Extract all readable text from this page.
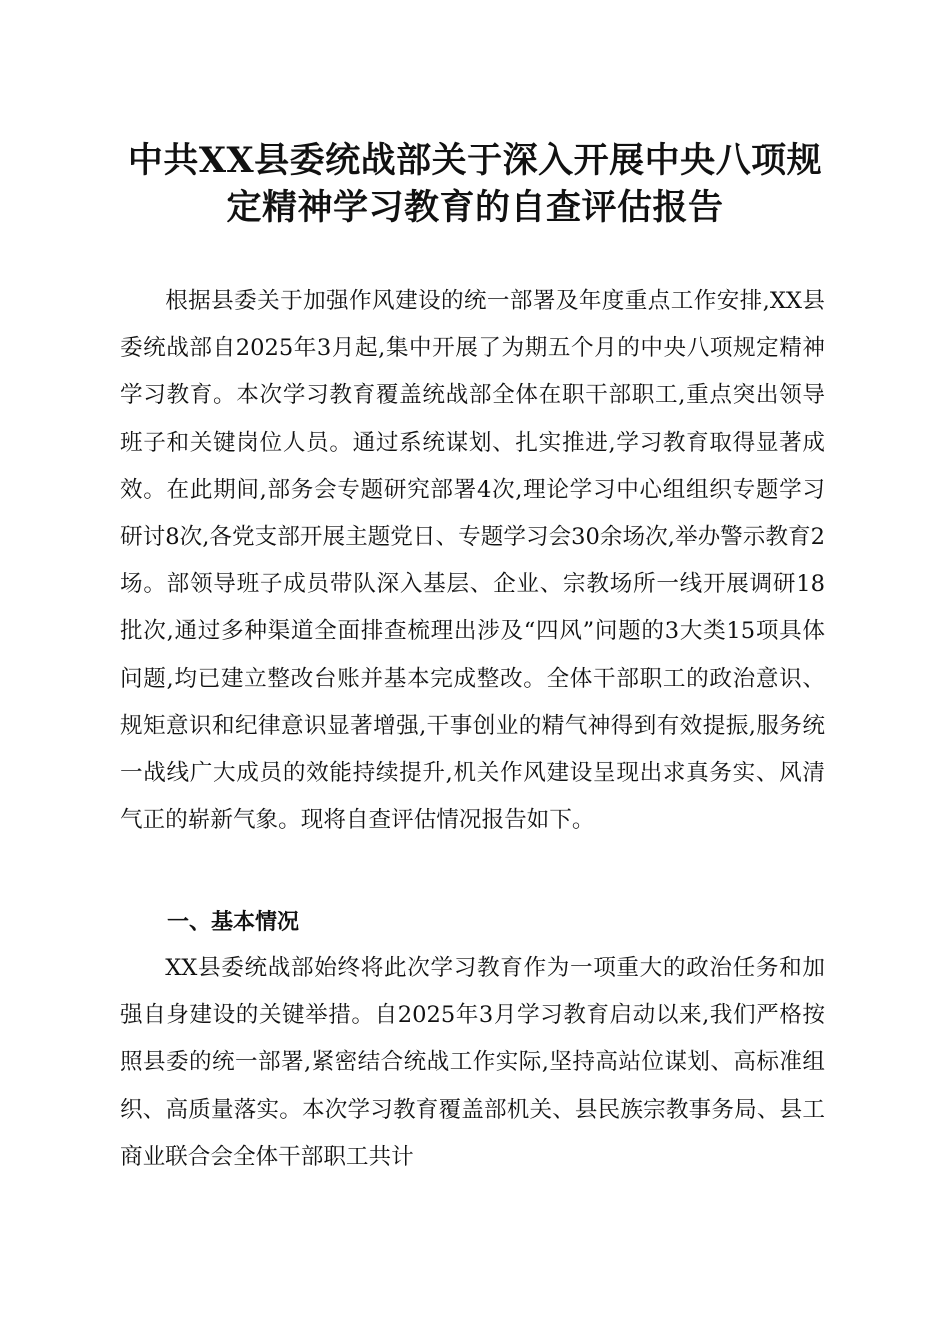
中共XX县委统战部关于深入开展中央八项规
定精神学习教育的自查评估报告

根据县委关于加强作风建设的统一部署及年度重点工作安排,XX县委统战部自2025年3月起,集中开展了为期五个月的中央八项规定精神学习教育。本次学习教育覆盖统战部全体在职干部职工,重点突出领导班子和关键岗位人员。通过系统谋划、扎实推进,学习教育取得显著成效。在此期间,部务会专题研究部署4次,理论学习中心组组织专题学习研讨8次,各党支部开展主题党日、专题学习会30余场次,举办警示教育2场。部领导班子成员带队深入基层、企业、宗教场所一线开展调研18批次,通过多种渠道全面排查梳理出涉及“四风”问题的3大类15项具体问题,均已建立整改台账并基本完成整改。全体干部职工的政治意识、规矩意识和纪律意识显著增强,干事创业的精气神得到有效提振,服务统一战线广大成员的效能持续提升,机关作风建设呈现出求真务实、风清气正的崭新气象。现将自查评估情况报告如下。

一、基本情况

XX县委统战部始终将此次学习教育作为一项重大的政治任务和加强自身建设的关键举措。自2025年3月学习教育启动以来,我们严格按照县委的统一部署,紧密结合统战工作实际,坚持高站位谋划、高标准组织、高质量落实。本次学习教育覆盖部机关、县民族宗教事务局、县工商业联合会全体干部职工共计
